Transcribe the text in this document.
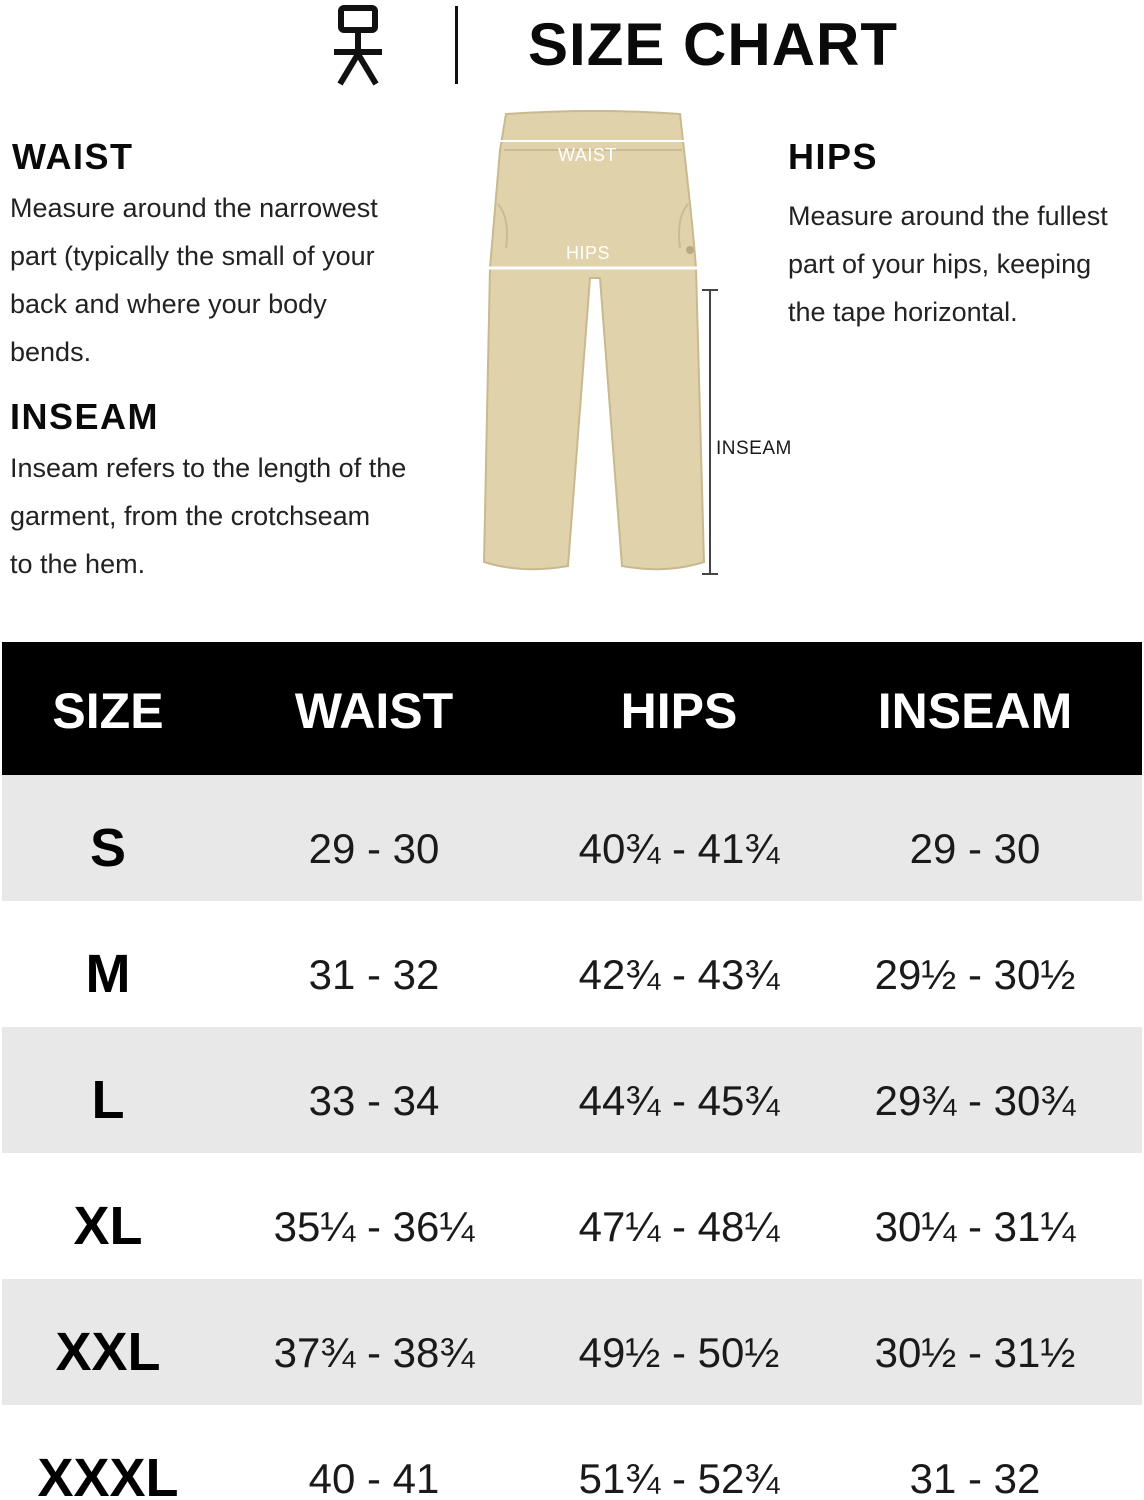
SIZE CHART
WAIST
Measure around the narrowest
part (typically the small of your
back and where your body
bends.
INSEAM
Inseam refers to the length of the
garment, from the crotchseam
to the hem.
HIPS
Measure around the fullest
part of your hips, keeping
the tape horizontal.
WAIST
HIPS
INSEAM
SIZE	WAIST	HIPS	INSEAM
S	29 - 30	40¾ - 41¾	29 - 30
M	31 - 32	42¾ - 43¾	29½ - 30½
L	33 - 34	44¾ - 45¾	29¾ - 30¾
XL	35¼ - 36¼	47¼ - 48¼	30¼ - 31¼
XXL	37¾ - 38¾	49½ - 50½	30½ - 31½
XXXL	40 - 41	51¾ - 52¾	31 - 32
